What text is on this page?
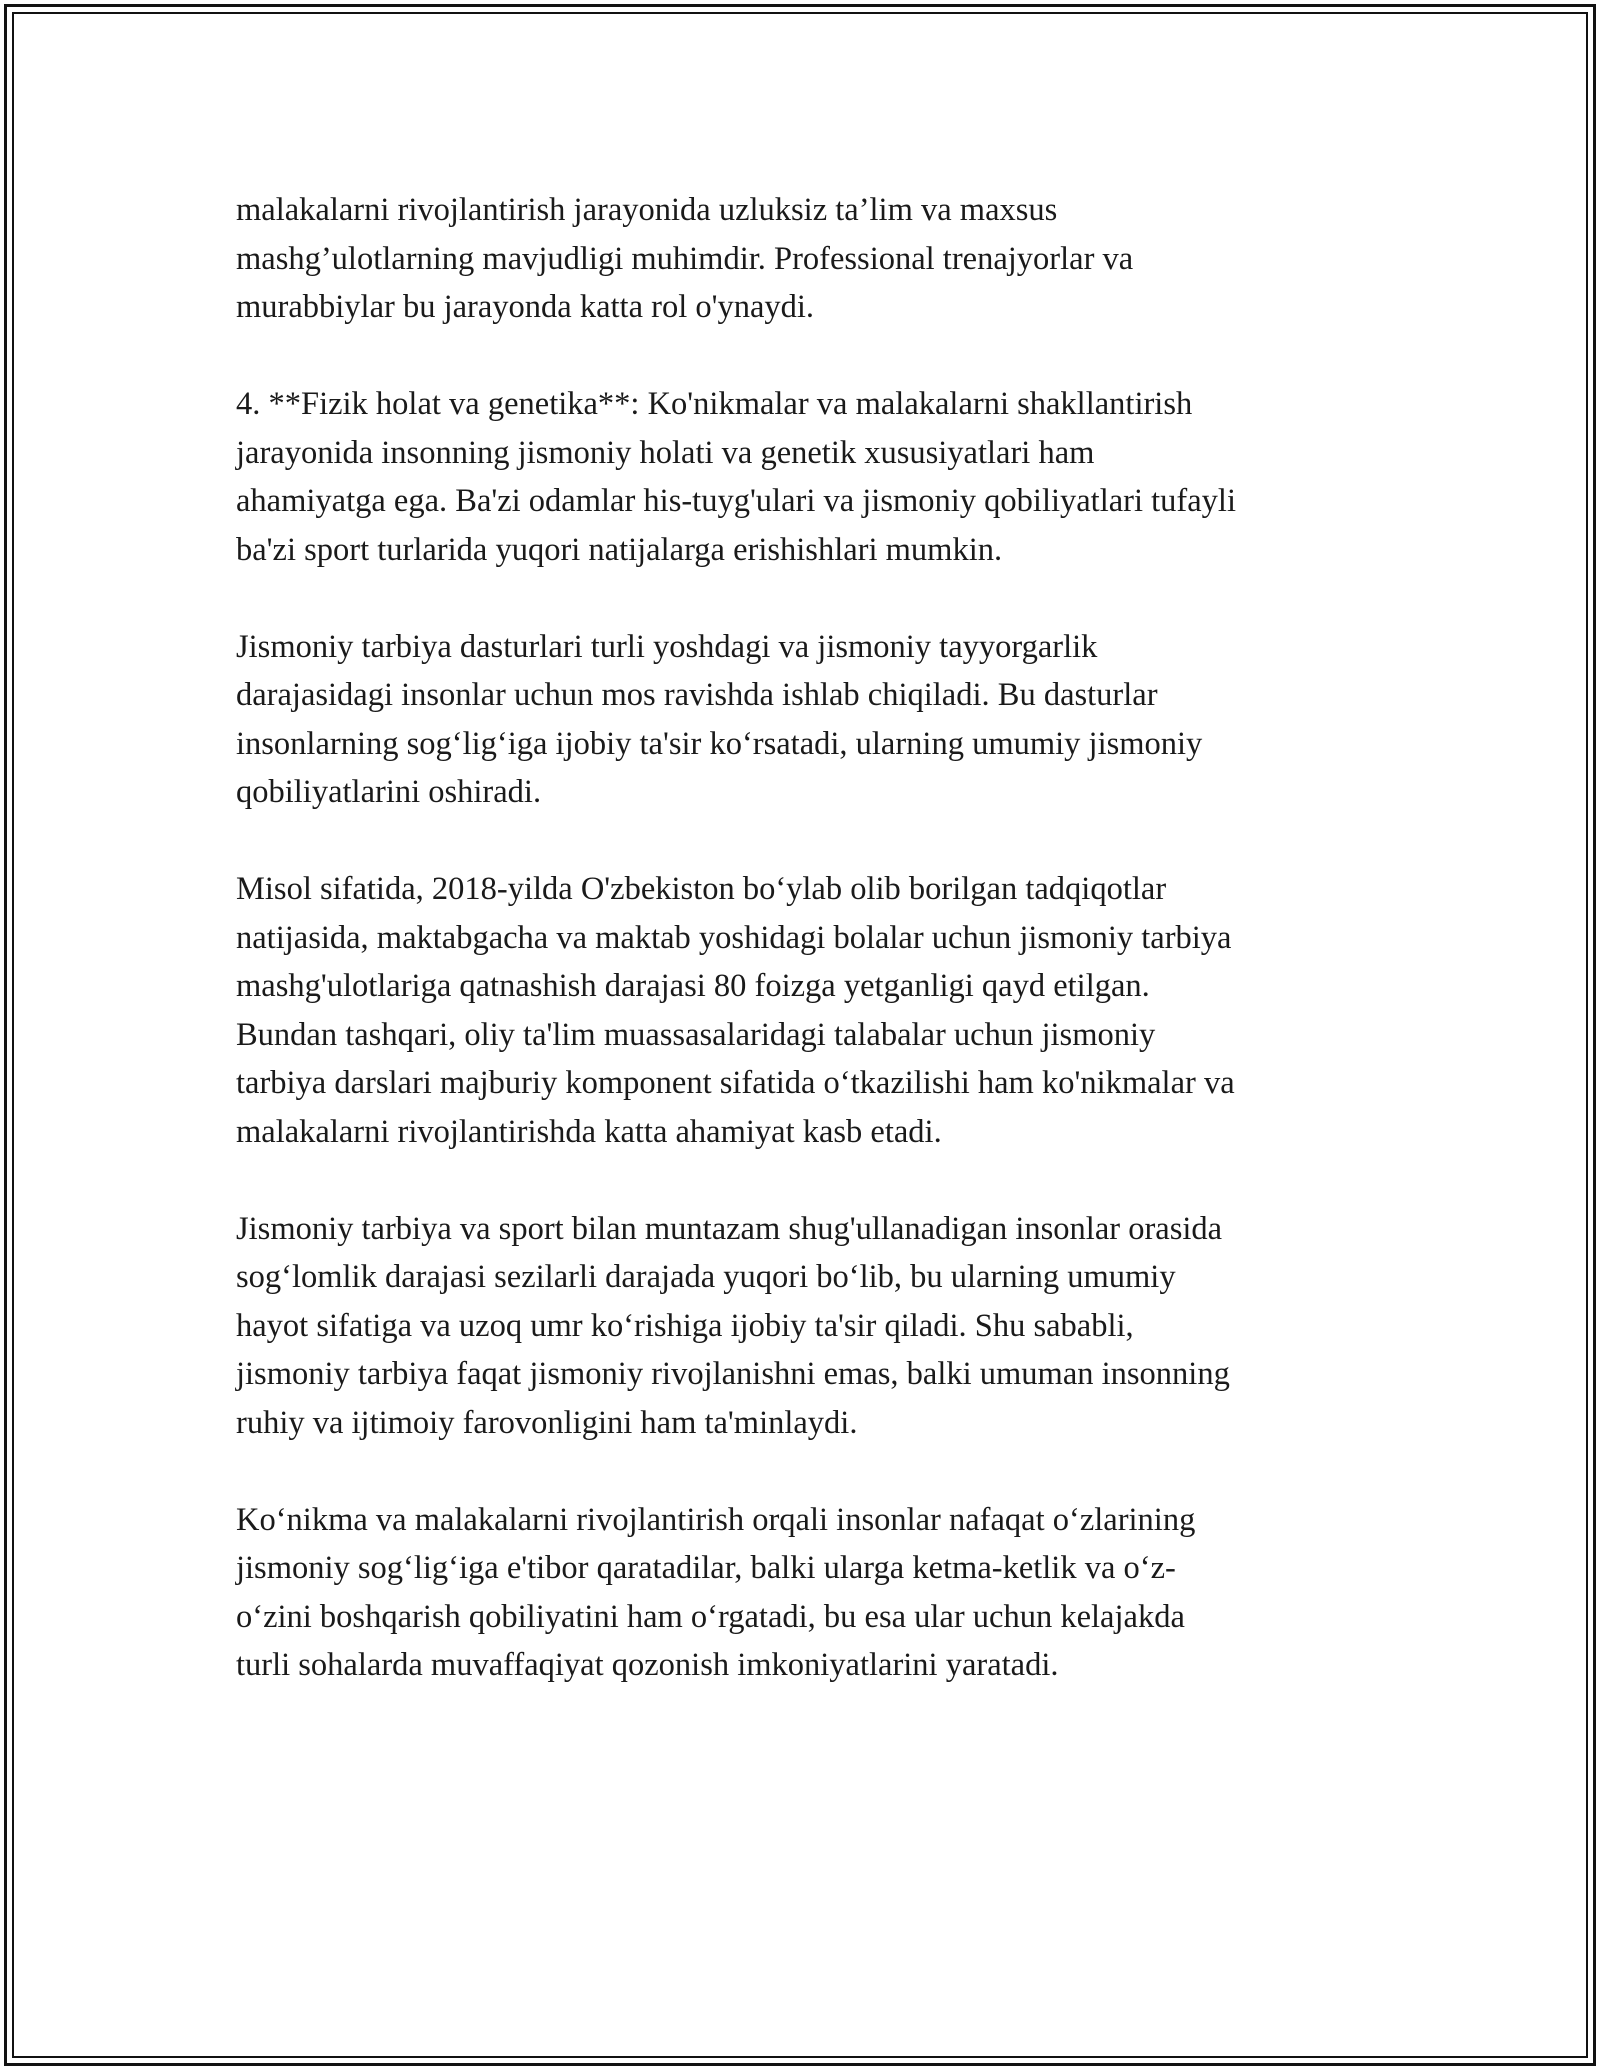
malakalarni rivojlantirish jarayonida uzluksiz ta’lim va maxsus
mashg’ulotlarning mavjudligi muhimdir. Professional trenajyorlar va
murabbiylar bu jarayonda katta rol o'ynaydi.

4. **Fizik holat va genetika**: Ko'nikmalar va malakalarni shakllantirish
jarayonida insonning jismoniy holati va genetik xususiyatlari ham
ahamiyatga ega. Ba'zi odamlar his-tuyg'ulari va jismoniy qobiliyatlari tufayli
ba'zi sport turlarida yuqori natijalarga erishishlari mumkin.

Jismoniy tarbiya dasturlari turli yoshdagi va jismoniy tayyorgarlik
darajasidagi insonlar uchun mos ravishda ishlab chiqiladi. Bu dasturlar
insonlarning sog‘lig‘iga ijobiy ta'sir ko‘rsatadi, ularning umumiy jismoniy
qobiliyatlarini oshiradi.

Misol sifatida, 2018-yilda O'zbekiston bo‘ylab olib borilgan tadqiqotlar
natijasida, maktabgacha va maktab yoshidagi bolalar uchun jismoniy tarbiya
mashg'ulotlariga qatnashish darajasi 80 foizga yetganligi qayd etilgan.
Bundan tashqari, oliy ta'lim muassasalaridagi talabalar uchun jismoniy
tarbiya darslari majburiy komponent sifatida o‘tkazilishi ham ko'nikmalar va
malakalarni rivojlantirishda katta ahamiyat kasb etadi.

Jismoniy tarbiya va sport bilan muntazam shug'ullanadigan insonlar orasida
sog‘lomlik darajasi sezilarli darajada yuqori bo‘lib, bu ularning umumiy
hayot sifatiga va uzoq umr ko‘rishiga ijobiy ta'sir qiladi. Shu sababli,
jismoniy tarbiya faqat jismoniy rivojlanishni emas, balki umuman insonning
ruhiy va ijtimoiy farovonligini ham ta'minlaydi.

Ko‘nikma va malakalarni rivojlantirish orqali insonlar nafaqat o‘zlarining
jismoniy sog‘lig‘iga e'tibor qaratadilar, balki ularga ketma-ketlik va o‘z-
o‘zini boshqarish qobiliyatini ham o‘rgatadi, bu esa ular uchun kelajakda
turli sohalarda muvaffaqiyat qozonish imkoniyatlarini yaratadi.
